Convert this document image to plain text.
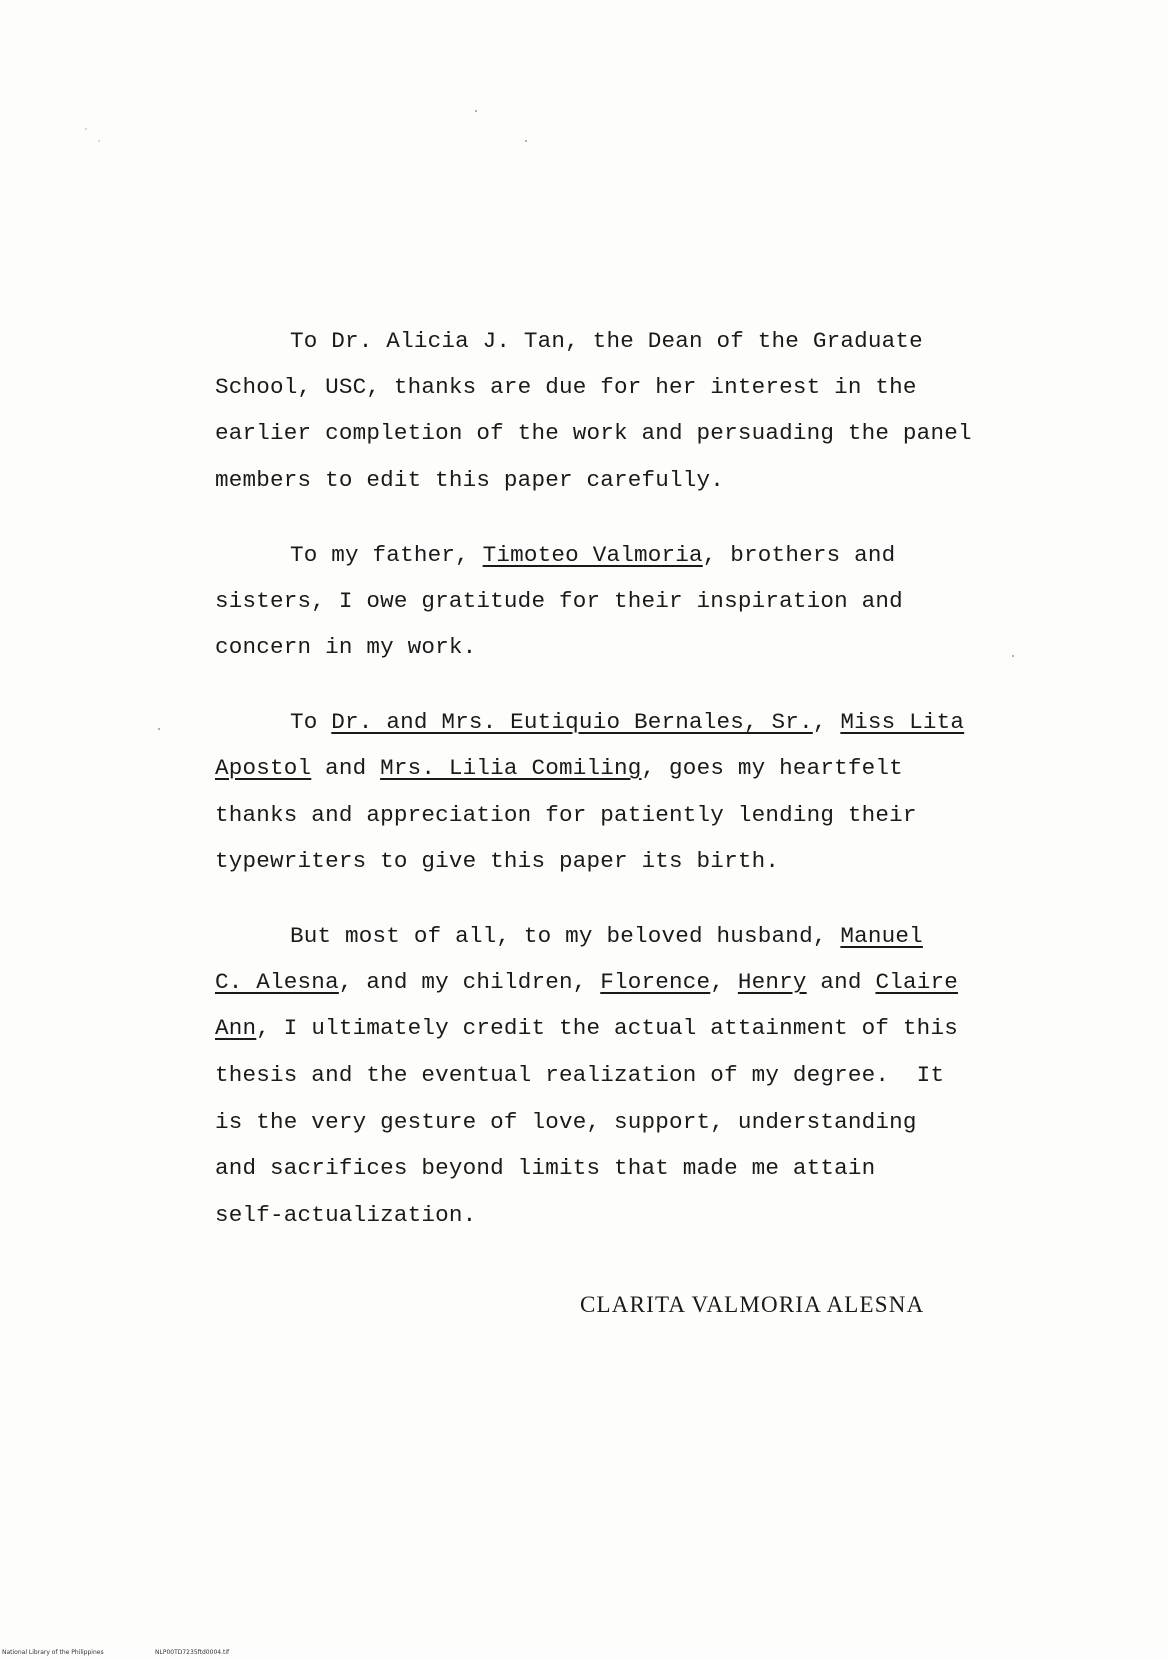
To Dr. Alicia J. Tan, the Dean of the Graduate
School, USC, thanks are due for her interest in the
earlier completion of the work and persuading the panel
members to edit this paper carefully.
To my father, Timoteo Valmoria, brothers and
sisters, I owe gratitude for their inspiration and
concern in my work.
To Dr. and Mrs. Eutiquio Bernales, Sr., Miss Lita
Apostol and Mrs. Lilia Comiling, goes my heartfelt
thanks and appreciation for patiently lending their
typewriters to give this paper its birth.
But most of all, to my beloved husband, Manuel
C. Alesna, and my children, Florence, Henry and Claire
Ann, I ultimately credit the actual attainment of this
thesis and the eventual realization of my degree.  It
is the very gesture of love, support, understanding
and sacrifices beyond limits that made me attain
self-actualization.
CLARITA VALMORIA ALESNA
National Library of the Philippines	NLP00TD7235ftd0004.tif
